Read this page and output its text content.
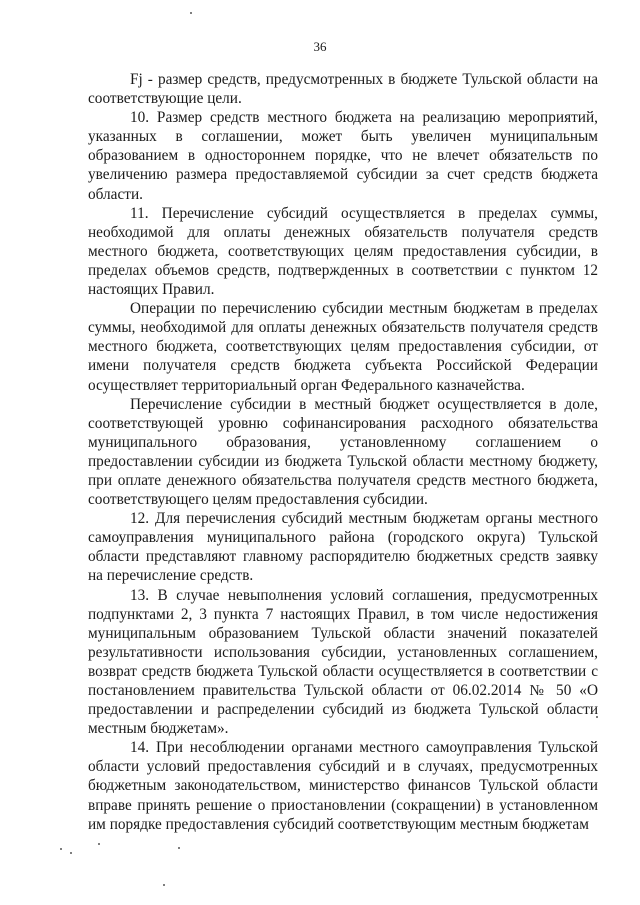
36

Fj - размер средств, предусмотренных в бюджете Тульской области на соответствующие цели.

10. Размер средств местного бюджета на реализацию мероприятий, указанных в соглашении, может быть увеличен муниципальным образованием в одностороннем порядке, что не влечет обязательств по увеличению размера предоставляемой субсидии за счет средств бюджета области.

11. Перечисление субсидий осуществляется в пределах суммы, необходимой для оплаты денежных обязательств получателя средств местного бюджета, соответствующих целям предоставления субсидии, в пределах объемов средств, подтвержденных в соответствии с пунктом 12 настоящих Правил.

Операции по перечислению субсидии местным бюджетам в пределах суммы, необходимой для оплаты денежных обязательств получателя средств местного бюджета, соответствующих целям предоставления субсидии, от имени получателя средств бюджета субъекта Российской Федерации осуществляет территориальный орган Федерального казначейства.

Перечисление субсидии в местный бюджет осуществляется в доле, соответствующей уровню софинансирования расходного обязательства муниципального образования, установленному соглашением о предоставлении субсидии из бюджета Тульской области местному бюджету, при оплате денежного обязательства получателя средств местного бюджета, соответствующего целям предоставления субсидии.

12. Для перечисления субсидий местным бюджетам органы местного самоуправления муниципального района (городского округа) Тульской области представляют главному распорядителю бюджетных средств заявку на перечисление средств.

13. В случае невыполнения условий соглашения, предусмотренных подпунктами 2, 3 пункта 7 настоящих Правил, в том числе недостижения муниципальным образованием Тульской области значений показателей результативности использования субсидии, установленных соглашением, возврат средств бюджета Тульской области осуществляется в соответствии с постановлением правительства Тульской области от 06.02.2014 № 50 «О предоставлении и распределении субсидий из бюджета Тульской области местным бюджетам».

14. При несоблюдении органами местного самоуправления Тульской области условий предоставления субсидий и в случаях, предусмотренных бюджетным законодательством, министерство финансов Тульской области вправе принять решение о приостановлении (сокращении) в установленном им порядке предоставления субсидий соответствующим местным бюджетам
